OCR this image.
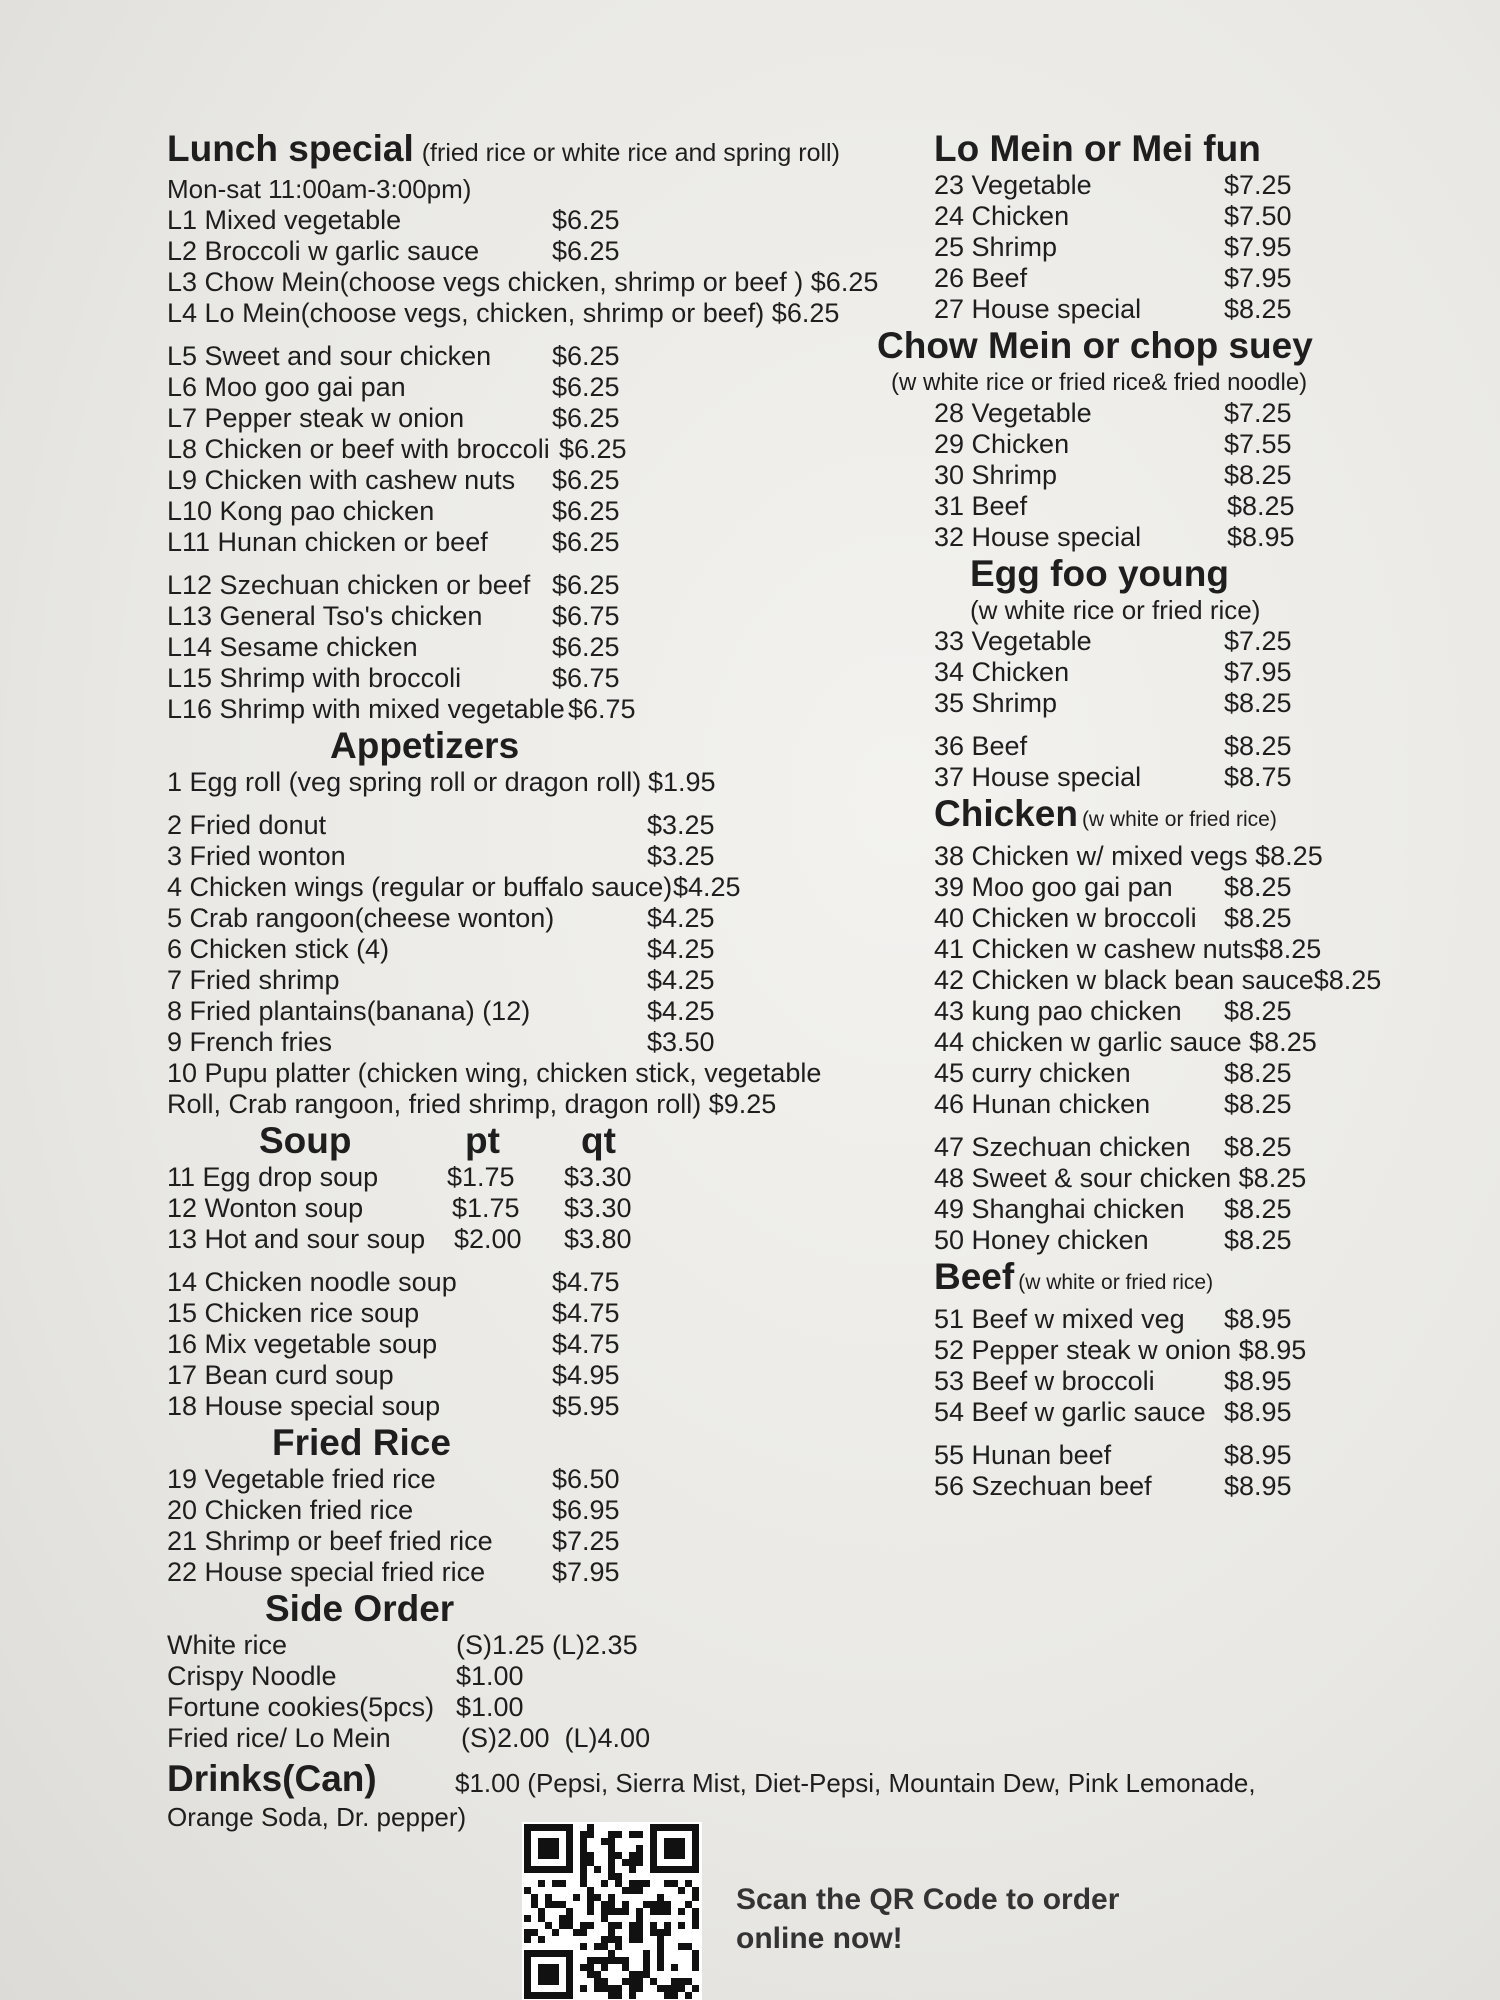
Lunch special (fried rice or white rice and spring roll)
Mon-sat 11:00am-3:00pm)
L1 Mixed vegetable	$6.25
L2 Broccoli w garlic sauce	$6.25
L3 Chow Mein(choose vegs chicken, shrimp or beef ) $6.25
L4 Lo Mein(choose vegs, chicken, shrimp or beef) $6.25
L5 Sweet and sour chicken $6.25
L6 Moo goo gai pan	$6.25
L7 Pepper steak w onion	$6.25
L8 Chicken or beef with broccoli $6.25
L9 Chicken with cashew nuts $6.25
L10 Kong pao chicken	$6.25
L11 Hunan chicken or beef $6.25
L12 Szechuan chicken or beef $6.25
L13 General Tso's chicken	$6.75
L14 Sesame chicken	$6.25
L15 Shrimp with broccoli	$6.75
L16 Shrimp with mixed vegetable $6.75
Appetizers
1 Egg roll (veg spring roll or dragon roll) $1.95
2 Fried donut	$3.25
3 Fried wonton	$3.25
4 Chicken wings (regular or buffalo sauce) $4.25
5 Crab rangoon(cheese wonton)	$4.25
6 Chicken stick (4)	$4.25
7 Fried shrimp	$4.25
8 Fried plantains(banana) (12)	$4.25
9 French fries	$3.50
10 Pupu platter (chicken wing, chicken stick, vegetable
Roll, Crab rangoon, fried shrimp, dragon roll) $9.25
Soup	pt qt
11 Egg drop soup	$1.75 $3.30
12 Wonton soup	$1.75 $3.30
13 Hot and sour soup $2.00 $3.80
14 Chicken noodle soup	$4.75
15 Chicken rice soup	$4.75
16 Mix vegetable soup	$4.75
17 Bean curd soup	$4.95
18 House special soup	$5.95
Fried Rice
19 Vegetable fried rice	$6.50
20 Chicken fried rice	$6.95
21 Shrimp or beef fried rice $7.25
22 House special fried rice $7.95
Side Order
White rice	(S)1.25 (L)2.35
Crispy Noodle	$1.00
Fortune cookies(5pcs) $1.00
Fried rice/ Lo Mein	(S)2.00  (L)4.00
Lo Mein or Mei fun
23 Vegetable	$7.25
24 Chicken	$7.50
25 Shrimp	$7.95
26 Beef	$7.95
27 House special	$8.25
Chow Mein or chop suey
(w white rice or fried rice& fried noodle)
28 Vegetable	$7.25
29 Chicken	$7.55
30 Shrimp	$8.25
31 Beef	$8.25
32 House special	$8.95
Egg foo young
(w white rice or fried rice)
33 Vegetable	$7.25
34 Chicken	$7.95
35 Shrimp	$8.25
36 Beef	$8.25
37 House special	$8.75
Chicken (w white or fried rice)
38 Chicken w/ mixed vegs $8.25
39 Moo goo gai pan $8.25
40 Chicken w broccoli $8.25
41 Chicken w cashew nuts$8.25
42 Chicken w black bean sauce$8.25
43 kung pao chicken $8.25
44 chicken w garlic sauce $8.25
45 curry chicken	$8.25
46 Hunan chicken	$8.25
47 Szechuan chicken $8.25
48 Sweet & sour chicken $8.25
49 Shanghai chicken $8.25
50 Honey chicken	$8.25
Beef (w white or fried rice)
51 Beef w mixed veg $8.95
52 Pepper steak w onion $8.95
53 Beef w broccoli	$8.95
54 Beef w garlic sauce $8.95
55 Hunan beef	$8.95
56 Szechuan beef	$8.95
Drinks(Can)	$1.00 (Pepsi, Sierra Mist, Diet-Pepsi, Mountain Dew, Pink Lemonade,
Orange Soda, Dr. pepper)
Scan the QR Code to order
online now!
